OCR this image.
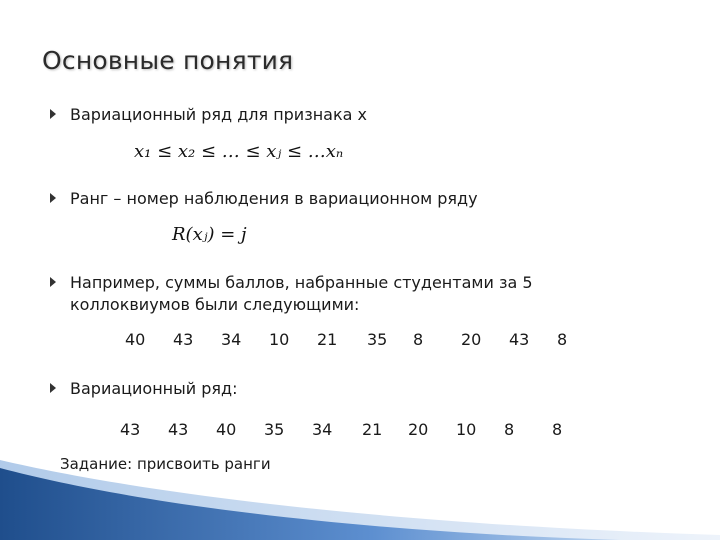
Основные понятия
Вариационный ряд для признака x
x₁ ≤ x₂ ≤ … ≤ xⱼ ≤ …xₙ
Ранг – номер наблюдения в вариационном ряду
R(xⱼ) = j
Например, суммы баллов, набранные студентами за 5
коллоквиумов были следующими:
40 43 34 10 21 35 8 20 43 8
Вариационный ряд:
43 43 40 35 34 21 20 10 8 8
Задание: присвоить ранги
